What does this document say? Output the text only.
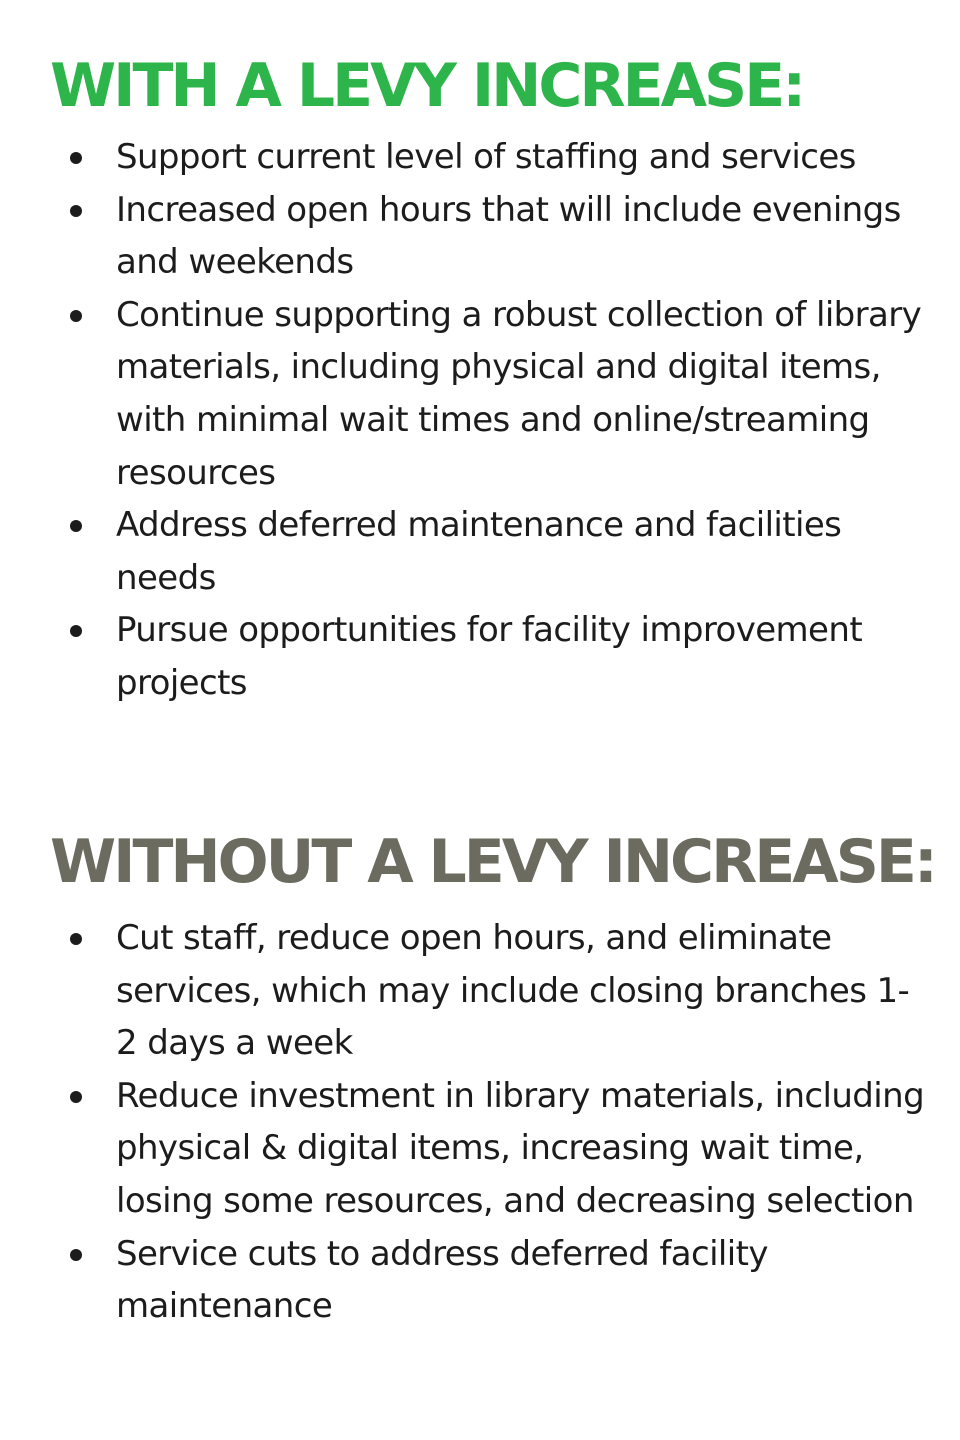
WITH A LEVY INCREASE:
Support current level of staffing and services
Increased open hours that will include evenings and weekends
Continue supporting a robust collection of library materials, including physical and digital items, with minimal wait times and online/streaming resources
Address deferred maintenance and facilities needs
Pursue opportunities for facility improvement projects
WITHOUT A LEVY INCREASE:
Cut staff, reduce open hours, and eliminate services, which may include closing branches 1-2 days a week
Reduce investment in library materials, including physical & digital items, increasing wait time, losing some resources, and decreasing selection
Service cuts to address deferred facility maintenance
